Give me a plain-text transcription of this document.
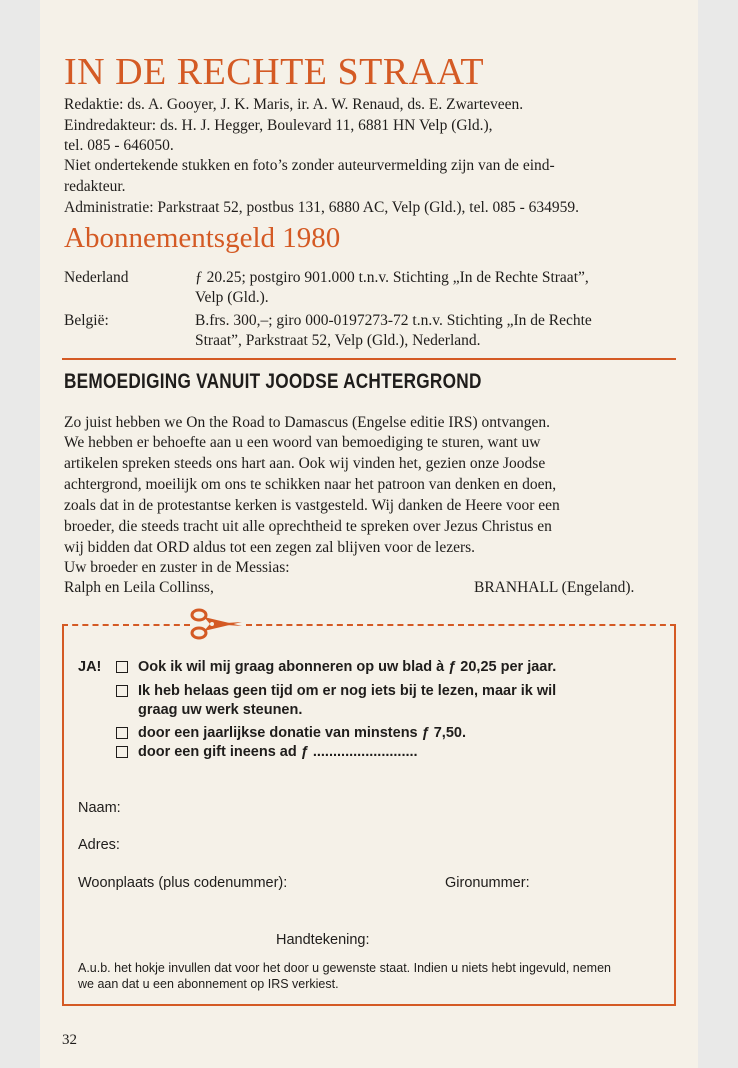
IN DE RECHTE STRAAT
Redaktie: ds. A. Gooyer, J. K. Maris, ir. A. W. Renaud, ds. E. Zwarteveen.
Eindredakteur: ds. H. J. Hegger, Boulevard 11, 6881 HN Velp (Gld.),
tel. 085 - 646050.
Niet ondertekende stukken en foto’s zonder auteurvermelding zijn van de eind-
redakteur.
Administratie: Parkstraat 52, postbus 131, 6880 AC, Velp (Gld.), tel. 085 - 634959.
Abonnementsgeld 1980
Nederland	ƒ 20.25; postgiro 901.000 t.n.v. Stichting „In de Rechte Straat”,
Velp (Gld.).
België:	B.frs. 300,–; giro 000-0197273-72 t.n.v. Stichting „In de Rechte
Straat”, Parkstraat 52, Velp (Gld.), Nederland.
BEMOEDIGING VANUIT JOODSE ACHTERGROND
Zo juist hebben we On the Road to Damascus (Engelse editie IRS) ontvangen.
We hebben er behoefte aan u een woord van bemoediging te sturen, want uw
artikelen spreken steeds ons hart aan. Ook wij vinden het, gezien onze Joodse
achtergrond, moeilijk om ons te schikken naar het patroon van denken en doen,
zoals dat in de protestantse kerken is vastgesteld. Wij danken de Heere voor een
broeder, die steeds tracht uit alle oprechtheid te spreken over Jezus Christus en
wij bidden dat ORD aldus tot een zegen zal blijven voor de lezers.
Uw broeder en zuster in de Messias:
Ralph en Leila Collinss,	BRANHALL (Engeland).
JA!	Ook ik wil mij graag abonneren op uw blad à ƒ 20,25 per jaar.
Ik heb helaas geen tijd om er nog iets bij te lezen, maar ik wil
graag uw werk steunen.
door een jaarlijkse donatie van minstens ƒ 7,50.
door een gift ineens ad ƒ ..........................
Naam:
Adres:
Woonplaats (plus codenummer):	Gironummer:
Handtekening:
A.u.b. het hokje invullen dat voor het door u gewenste staat. Indien u niets hebt ingevuld, nemen
we aan dat u een abonnement op IRS verkiest.
32
